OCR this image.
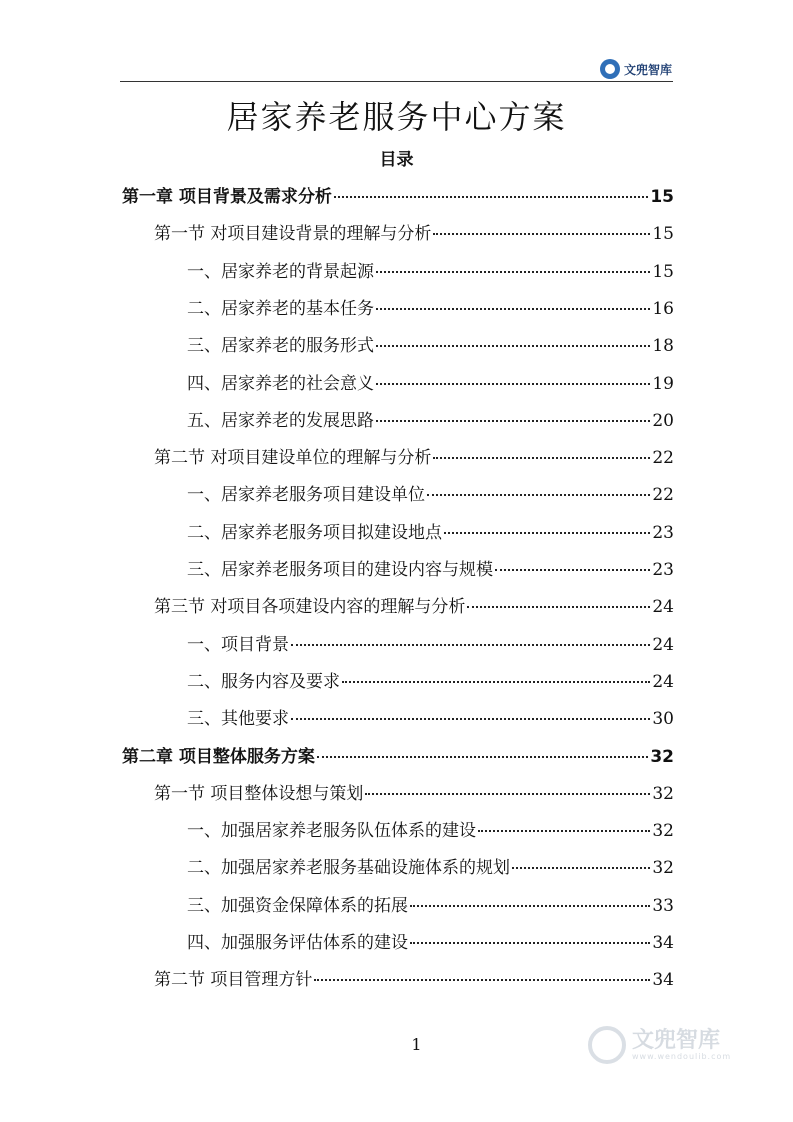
文兜智库
居家养老服务中心方案
目录
第一章 项目背景及需求分析	15
第一节 对项目建设背景的理解与分析	15
一、居家养老的背景起源	15
二、居家养老的基本任务	16
三、居家养老的服务形式	18
四、居家养老的社会意义	19
五、居家养老的发展思路	20
第二节 对项目建设单位的理解与分析	22
一、居家养老服务项目建设单位	22
二、居家养老服务项目拟建设地点	23
三、居家养老服务项目的建设内容与规模	23
第三节 对项目各项建设内容的理解与分析	24
一、项目背景	24
二、服务内容及要求	24
三、其他要求	30
第二章 项目整体服务方案	32
第一节 项目整体设想与策划	32
一、加强居家养老服务队伍体系的建设	32
二、加强居家养老服务基础设施体系的规划	32
三、加强资金保障体系的拓展	33
四、加强服务评估体系的建设	34
第二节 项目管理方针	34
1	文兜智库
www.wendoulib.com
